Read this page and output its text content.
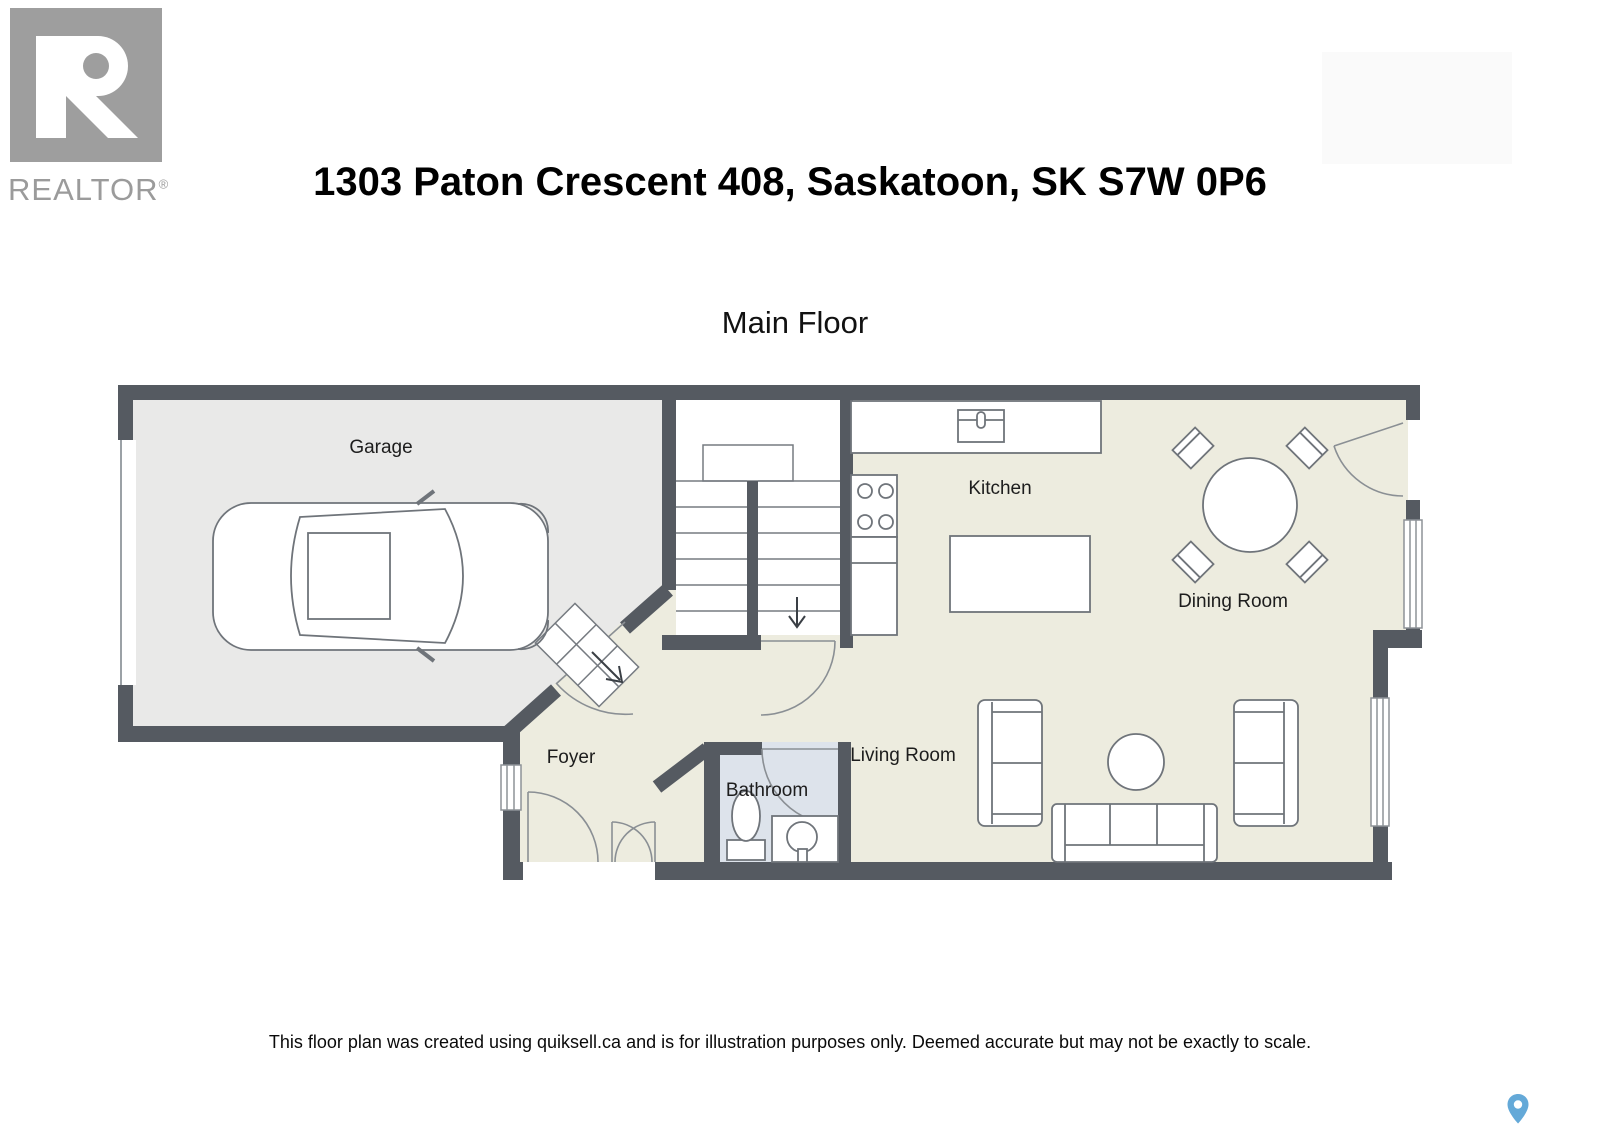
REALTOR®	1303 Paton Crescent 408, Saskatoon, SK S7W 0P6
Main Floor
Garage
Kitchen
Dining Room
Living Room
Foyer
Bathroom
This floor plan was created using quiksell.ca and is for illustration purposes only. Deemed accurate but may not be exactly to scale.
